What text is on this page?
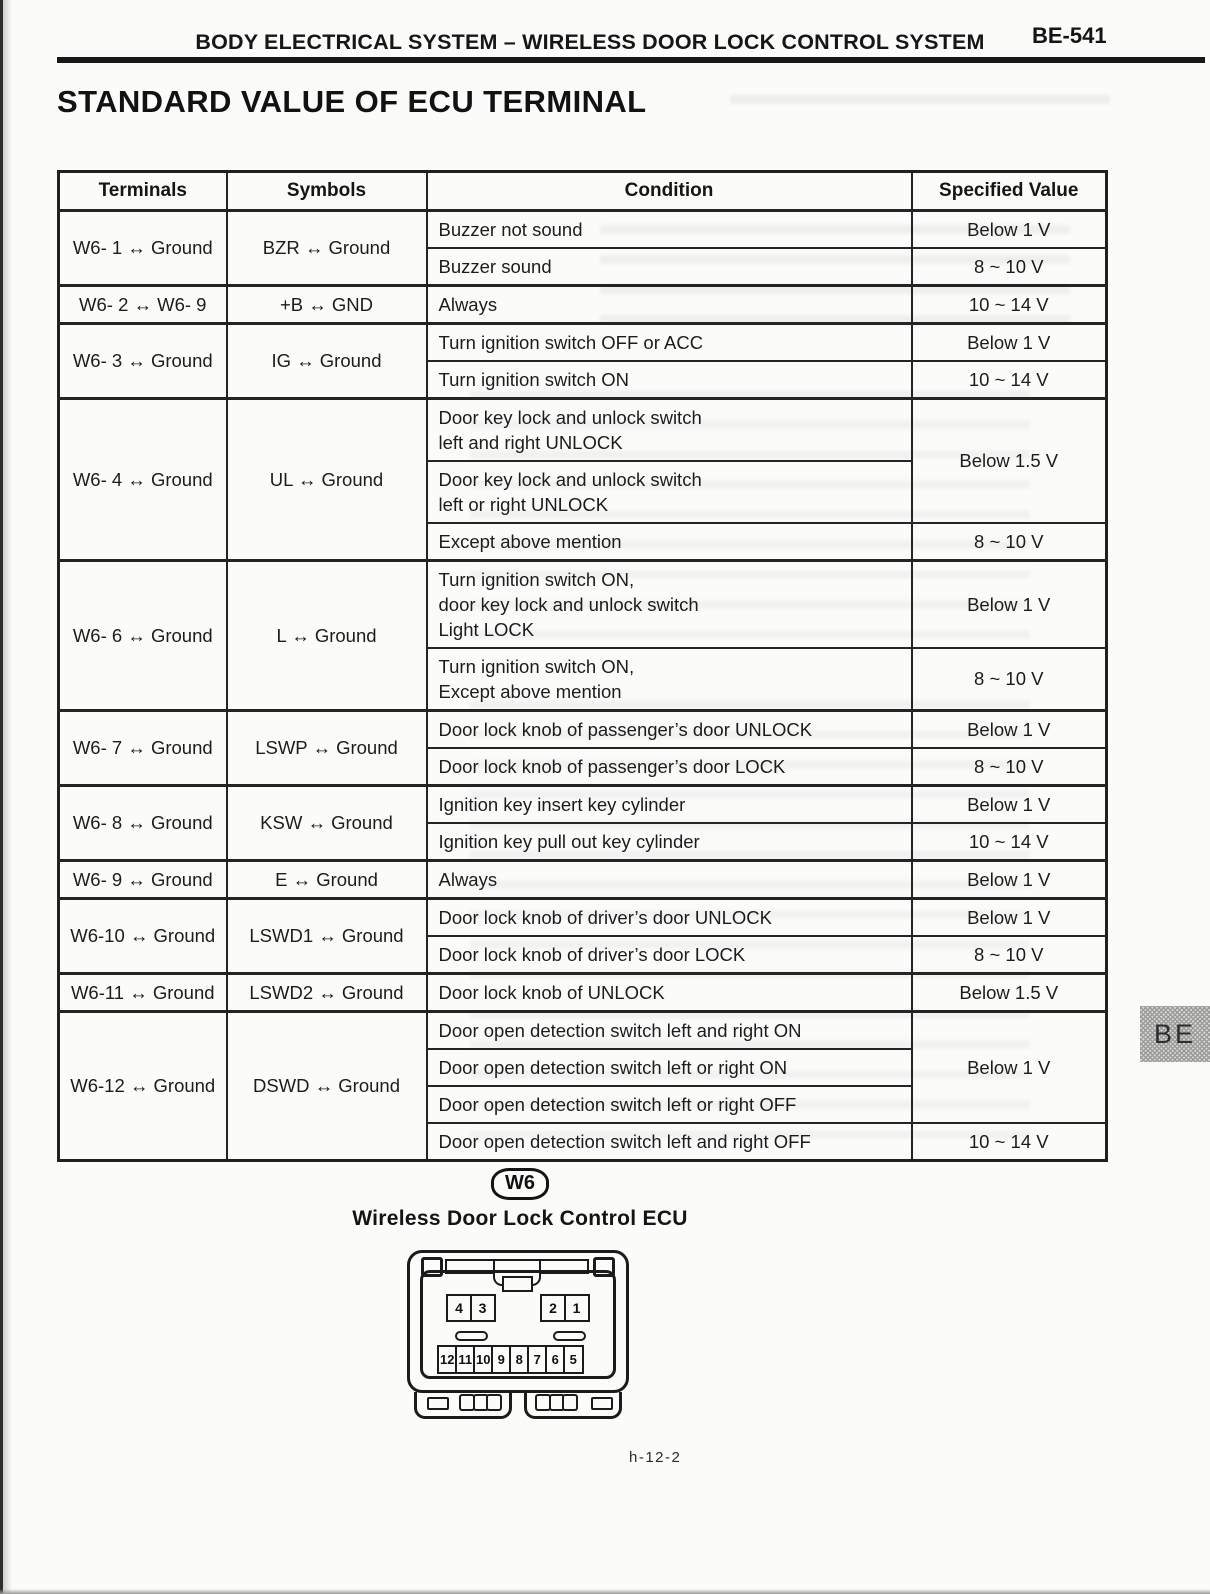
BODY ELECTRICAL SYSTEM – WIRELESS DOOR LOCK CONTROL SYSTEM	BE-541
STANDARD VALUE OF ECU TERMINAL
Terminals	Symbols	Condition	Specified Value
W6- 1 ↔ Ground	BZR ↔ Ground	Buzzer not sound	Below 1 V

		Buzzer sound	8 ~ 10 V
W6- 2 ↔ W6- 9	+B ↔ GND	Always	10 ~ 14 V
W6- 3 ↔ Ground	IG ↔ Ground	Turn ignition switch OFF or ACC	Below 1 V

		Turn ignition switch ON	10 ~ 14 V
W6- 4 ↔ Ground	UL ↔ Ground	Door key lock and unlock switch
left and right UNLOCK	Below 1.5 V

		Door key lock and unlock switch
left or right UNLOCK	

		Except above mention	8 ~ 10 V
W6- 6 ↔ Ground	L ↔ Ground	Turn ignition switch ON,
door key lock and unlock switch
Light LOCK	Below 1 V

		Turn ignition switch ON,
Except above mention	8 ~ 10 V
W6- 7 ↔ Ground	LSWP ↔ Ground	Door lock knob of passenger’s door UNLOCK	Below 1 V

		Door lock knob of passenger’s door LOCK	8 ~ 10 V
W6- 8 ↔ Ground	KSW ↔ Ground	Ignition key insert key cylinder	Below 1 V

		Ignition key pull out key cylinder	10 ~ 14 V
W6- 9 ↔ Ground	E ↔ Ground	Always	Below 1 V
W6-10 ↔ Ground	LSWD1 ↔ Ground	Door lock knob of driver’s door UNLOCK	Below 1 V

		Door lock knob of driver’s door LOCK	8 ~ 10 V
W6-11 ↔ Ground	LSWD2 ↔ Ground	Door lock knob of UNLOCK	Below 1.5 V
W6-12 ↔ Ground	DSWD ↔ Ground	Door open detection switch left and right ON	Below 1 V

		Door open detection switch left or right ON	

		Door open detection switch left or right OFF	

		Door open detection switch left and right OFF	10 ~ 14 V
BE
W6
Wireless Door Lock Control ECU
4	3	2	1
12 11 10 9 8 7 6 5
h-12-2
